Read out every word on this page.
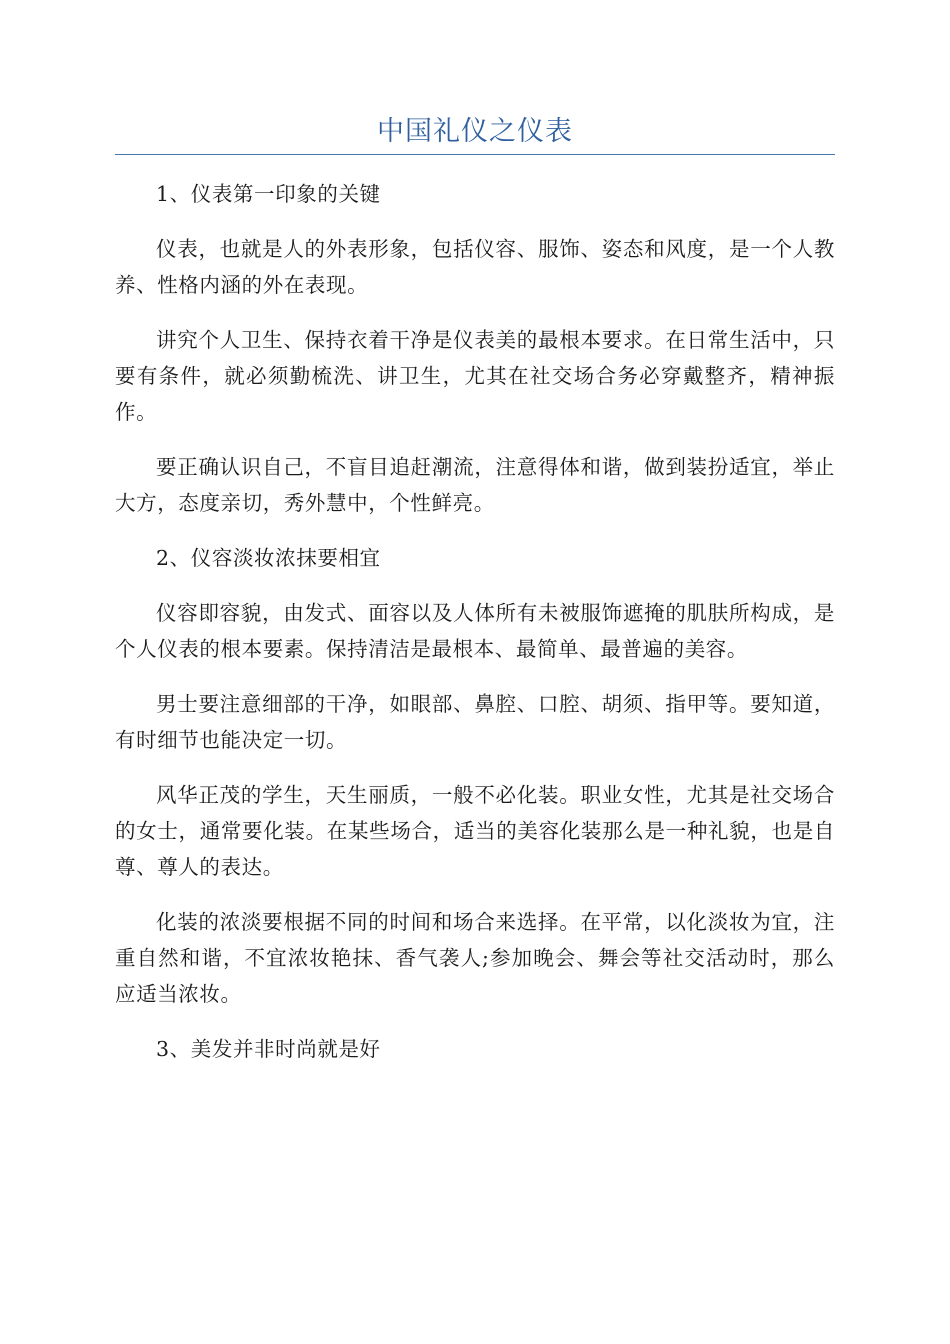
中国礼仪之仪表

1、仪表第一印象的关键

仪表，也就是人的外表形象，包括仪容、服饰、姿态和风度，是一个人教养、性格内涵的外在表现。

讲究个人卫生、保持衣着干净是仪表美的最根本要求。在日常生活中，只要有条件，就必须勤梳洗、讲卫生，尤其在社交场合务必穿戴整齐，精神振作。

要正确认识自己，不盲目追赶潮流，注意得体和谐，做到装扮适宜，举止大方，态度亲切，秀外慧中，个性鲜亮。

2、仪容淡妆浓抹要相宜

仪容即容貌，由发式、面容以及人体所有未被服饰遮掩的肌肤所构成，是个人仪表的根本要素。保持清洁是最根本、最简单、最普遍的美容。

男士要注意细部的干净，如眼部、鼻腔、口腔、胡须、指甲等。要知道，有时细节也能决定一切。

风华正茂的学生，天生丽质，一般不必化装。职业女性，尤其是社交场合的女士，通常要化装。在某些场合，适当的美容化装那么是一种礼貌，也是自尊、尊人的表达。

化装的浓淡要根据不同的时间和场合来选择。在平常，以化淡妆为宜，注重自然和谐，不宜浓妆艳抹、香气袭人;参加晚会、舞会等社交活动时，那么应适当浓妆。

3、美发并非时尚就是好
